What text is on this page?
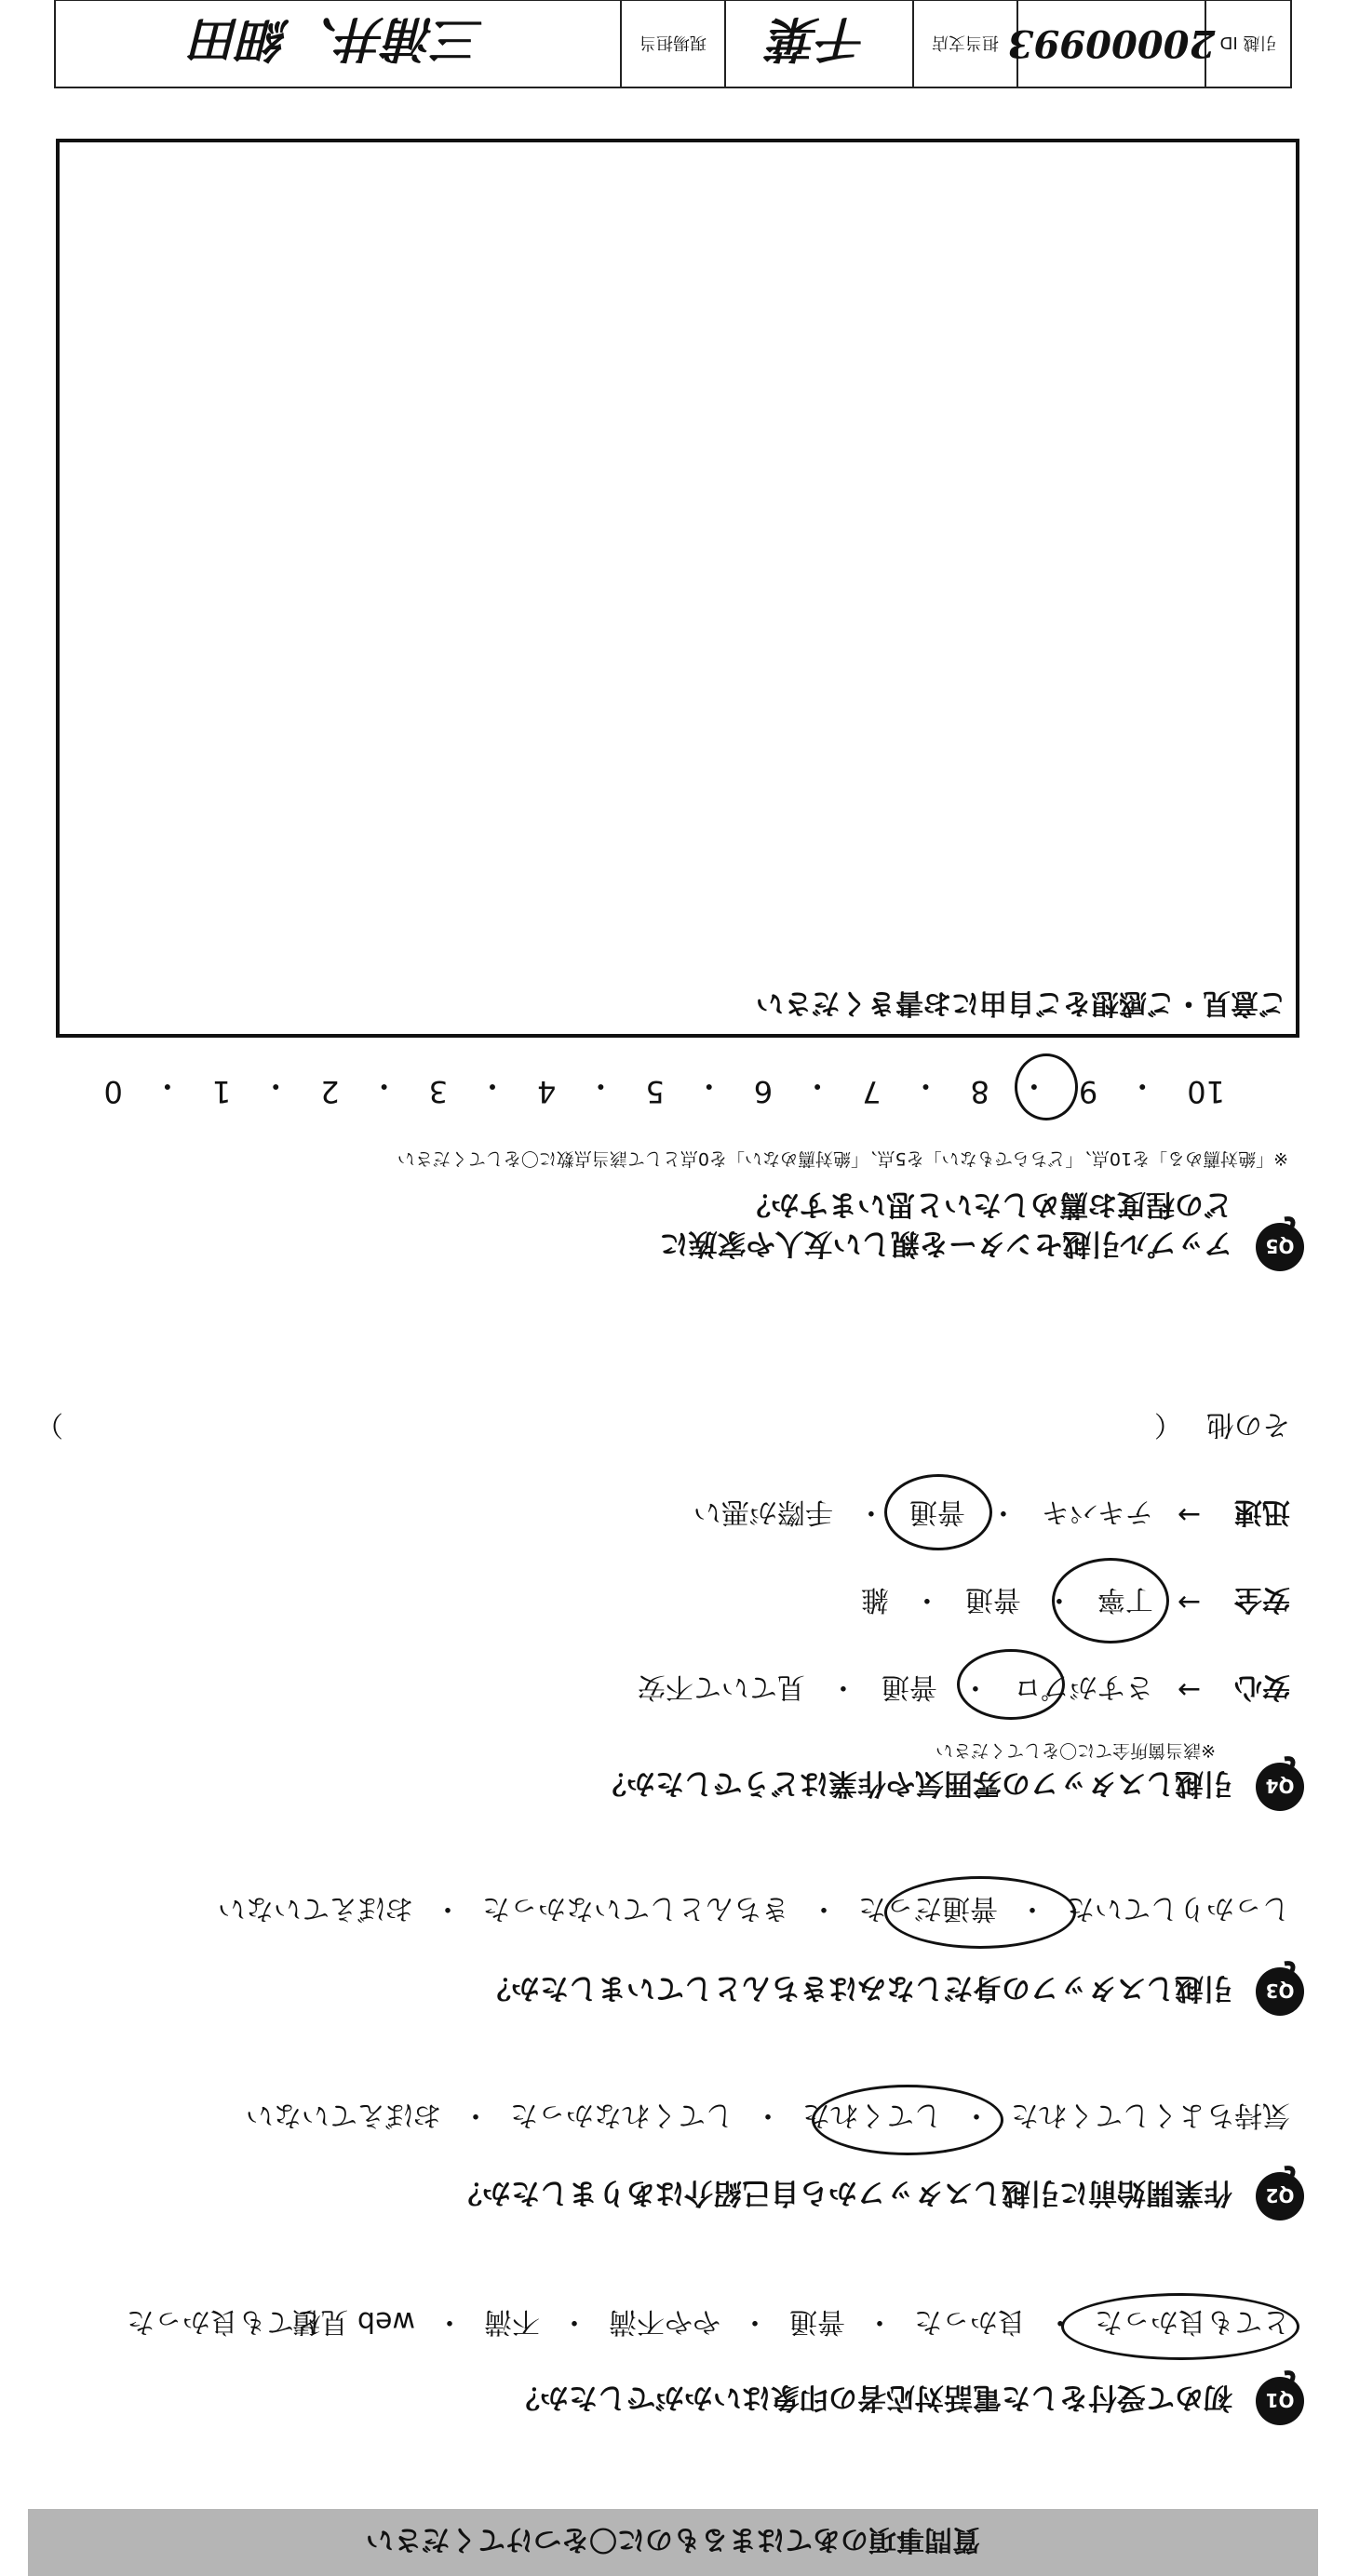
質問事項のあてはまるものに〇をつけてください
Q1
初めて受付をした電話対応者の印象はいかがでしたか？
とても良かった	とても良かった
・
良かった
・
普通
・
やや不満
・
不満
・
web 見積
Q2
作業開始前に引越しスタッフから自己紹介はありましたか？
気持ちよくしてくれた
・
してくれた
・
してくれなかった
・
おぼえていない
Q3
引越しスタッフの身だしなみはきちんとしていましたか？
しっかりしていた
・
普通だった
・
きちんとしていなかった
・
おぼえていない
Q4
引越しスタッフの雰囲気や作業はどうでしたか？
※該当箇所全てに〇をしてください
安心
→
さすがプロ
・
普通
・
見ていて不安
安全
→
丁寧
・
普通
・
雑
迅速
→
テキパキ
・
普通
・
手際が悪い
その他
（
）
Q5
アップル引越センターを親しい友人や家族に
どの程度お薦めしたいと思いますか？
※「絶対薦める」を10点、「どちらでもない」を5点、「絶対薦めない」を0点として該当点数に〇をしてください
10
・
9
・
8
・
7
・
6
・
5
・
4
・
3
・
2
・
1
・
0
ご意見・ご感想をご自由にお書きください
引越 ID
20000993
担当支店
千葉
現場担当
三浦井、細田
